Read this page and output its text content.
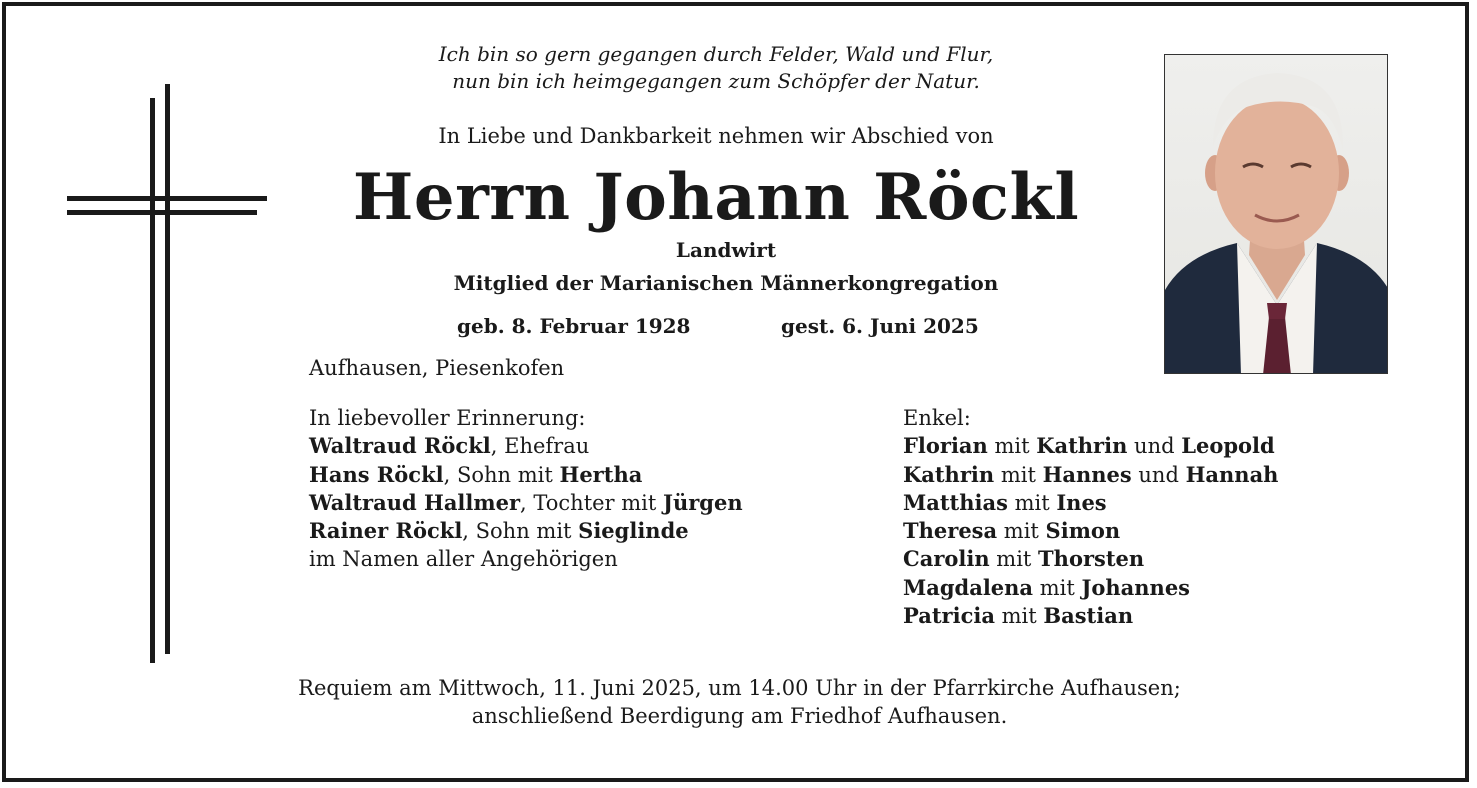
Ich bin so gern gegangen durch Felder, Wald und Flur,
nun bin ich heimgegangen zum Schöpfer der Natur.
In Liebe und Dankbarkeit nehmen wir Abschied von
Herrn Johann Röckl
Landwirt
Mitglied der Marianischen Männerkongregation
geb. 8. Februar 1928	gest. 6. Juni 2025
Aufhausen, Piesenkofen
In liebevoller Erinnerung:
Waltraud Röckl, Ehefrau
Hans Röckl, Sohn mit Hertha
Waltraud Hallmer, Tochter mit Jürgen
Rainer Röckl, Sohn mit Sieglinde
im Namen aller Angehörigen
Enkel:
Florian mit Kathrin und Leopold
Kathrin mit Hannes und Hannah
Matthias mit Ines
Theresa mit Simon
Carolin mit Thorsten
Magdalena mit Johannes
Patricia mit Bastian
Requiem am Mittwoch, 11. Juni 2025, um 14.00 Uhr in der Pfarrkirche Aufhausen;
anschließend Beerdigung am Friedhof Aufhausen.
